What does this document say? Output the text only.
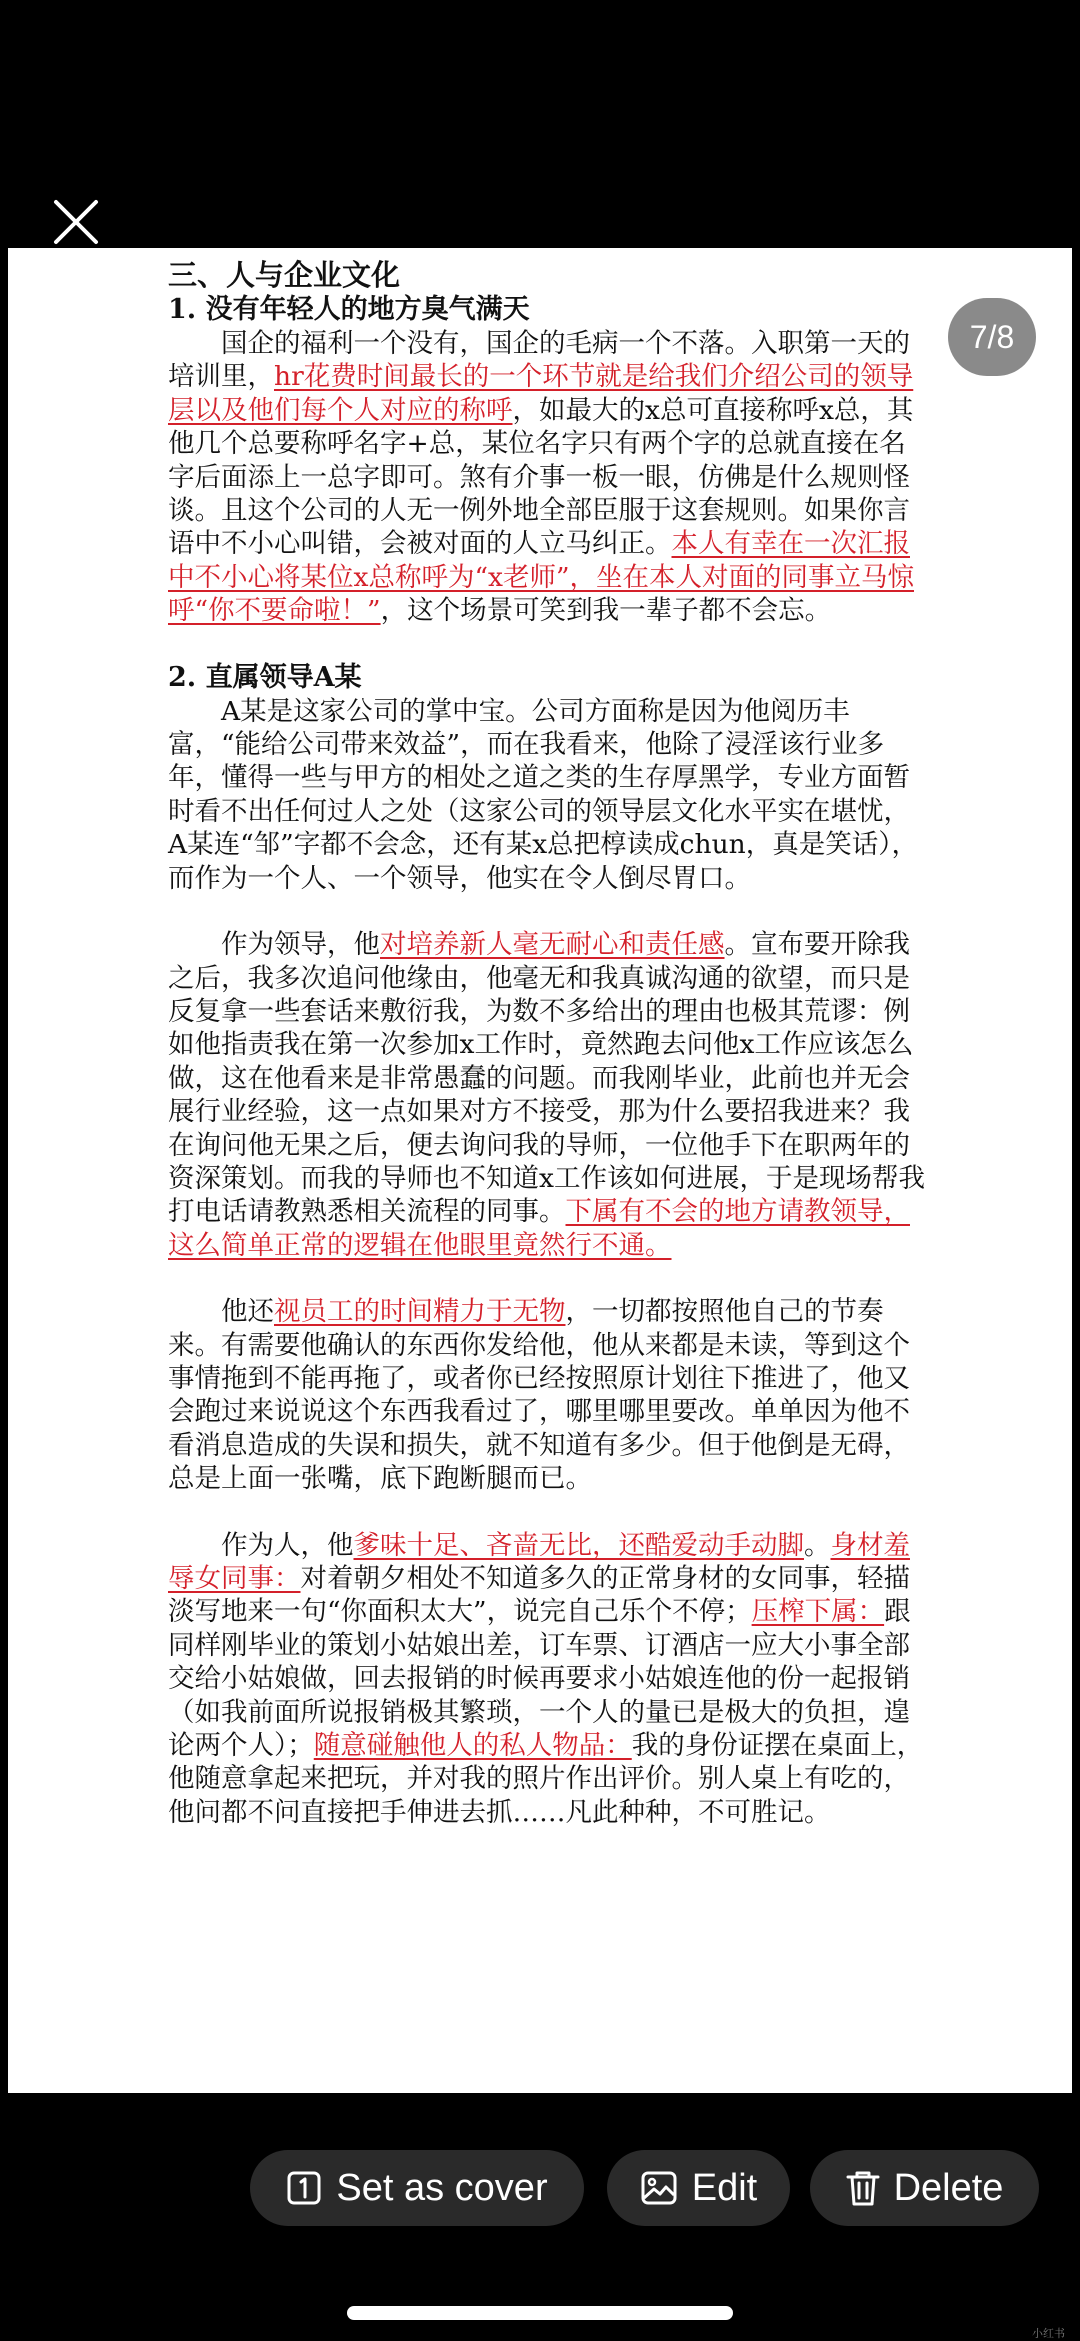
三、人与企业文化

1. 没有年轻人的地方臭气满天

国企的福利一个没有，国企的毛病一个不落。入职第一天的培训里，hr花费时间最长的一个环节就是给我们介绍公司的领导层以及他们每个人对应的称呼，如最大的x总可直接称呼x总，其他几个总要称呼名字+总，某位名字只有两个字的总就直接在名字后面添上一总字即可。煞有介事一板一眼，仿佛是什么规则怪谈。且这个公司的人无一例外地全部臣服于这套规则。如果你言语中不小心叫错，会被对面的人立马纠正。本人有幸在一次汇报中不小心将某位x总称呼为“x老师”，坐在本人对面的同事立马惊呼“你不要命啦！”，这个场景可笑到我一辈子都不会忘。

2. 直属领导A某

A某是这家公司的掌中宝。公司方面称是因为他阅历丰富，“能给公司带来效益”，而在我看来，他除了浸淫该行业多年，懂得一些与甲方的相处之道之类的生存厚黑学，专业方面暂时看不出任何过人之处（这家公司的领导层文化水平实在堪忧，A某连“邹”字都不会念，还有某x总把椁读成chun，真是笑话），而作为一个人、一个领导，他实在令人倒尽胃口。

作为领导，他对培养新人毫无耐心和责任感。宣布要开除我之后，我多次追问他缘由，他毫无和我真诚沟通的欲望，而只是反复拿一些套话来敷衍我，为数不多给出的理由也极其荒谬：例如他指责我在第一次参加x工作时，竟然跑去问他x工作应该怎么做，这在他看来是非常愚蠢的问题。而我刚毕业，此前也并无会展行业经验，这一点如果对方不接受，那为什么要招我进来？我在询问他无果之后，便去询问我的导师，一位他手下在职两年的资深策划。而我的导师也不知道x工作该如何进展，于是现场帮我打电话请教熟悉相关流程的同事。下属有不会的地方请教领导，这么简单正常的逻辑在他眼里竟然行不通。

他还视员工的时间精力于无物，一切都按照他自己的节奏来。有需要他确认的东西你发给他，他从来都是未读，等到这个事情拖到不能再拖了，或者你已经按照原计划往下推进了，他又会跑过来说说这个东西我看过了，哪里哪里要改。单单因为他不看消息造成的失误和损失，就不知道有多少。但于他倒是无碍，总是上面一张嘴，底下跑断腿而已。

作为人，他爹味十足、吝啬无比，还酷爱动手动脚。身材羞辱女同事：对着朝夕相处不知道多久的正常身材的女同事，轻描淡写地来一句“你面积太大”，说完自己乐个不停；压榨下属：跟同样刚毕业的策划小姑娘出差，订车票、订酒店一应大小事全部交给小姑娘做，回去报销的时候再要求小姑娘连他的份一起报销（如我前面所说报销极其繁琐，一个人的量已是极大的负担，遑论两个人）；随意碰触他人的私人物品：我的身份证摆在桌面上，他随意拿起来把玩，并对我的照片作出评价。别人桌上有吃的，他问都不问直接把手伸进去抓……凡此种种，不可胜记。

7/8
Set as cover	Edit	Delete
小红书
